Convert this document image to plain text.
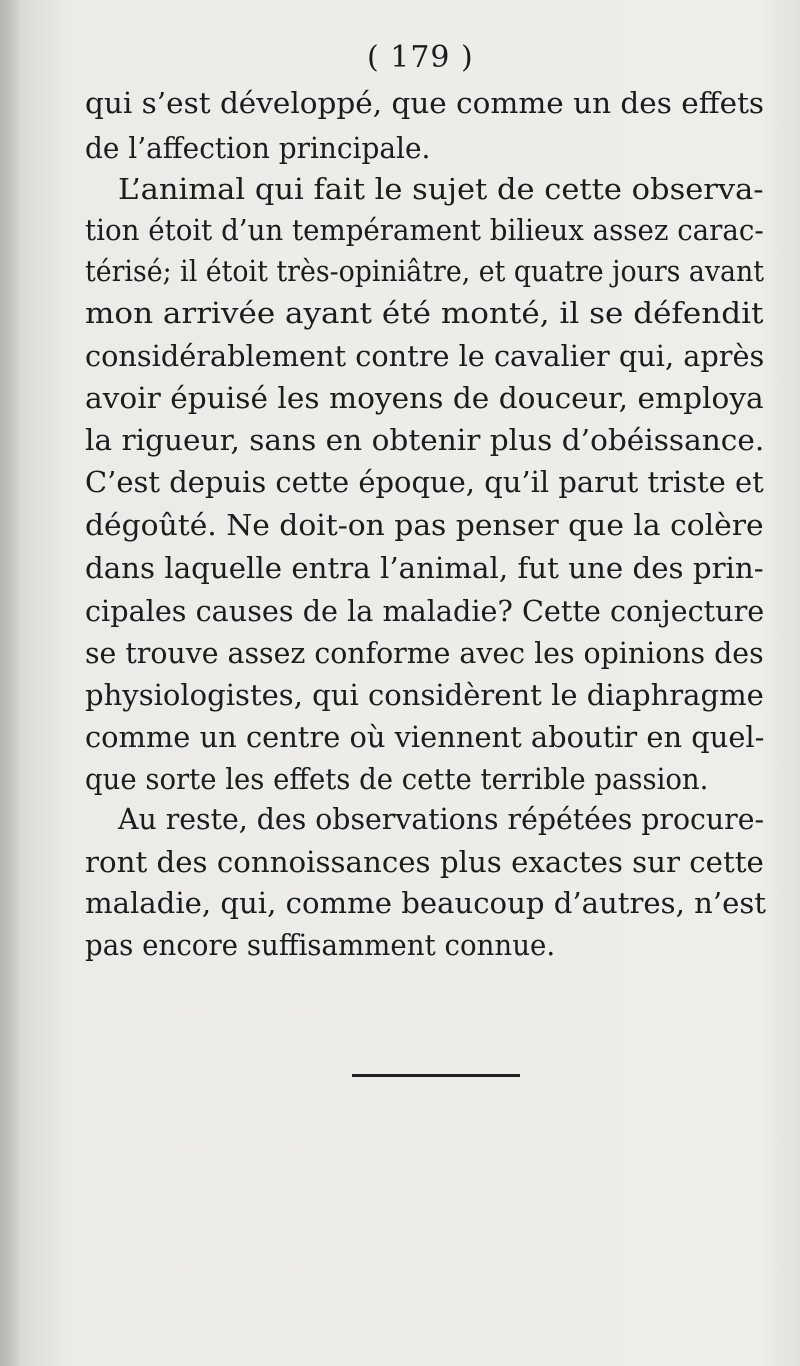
( 179 )
qui s’est développé, que comme un des effets
de l’affection principale.
L’animal qui fait le sujet de cette observa-
tion étoit d’un tempérament bilieux assez carac-
térisé; il étoit très-opiniâtre, et quatre jours avant
mon arrivée ayant été monté, il se défendit
considérablement contre le cavalier qui, après
avoir épuisé les moyens de douceur, employa
la rigueur, sans en obtenir plus d’obéissance.
C’est depuis cette époque, qu’il parut triste et
dégoûté. Ne doit-on pas penser que la colère
dans laquelle entra l’animal, fut une des prin-
cipales causes de la maladie? Cette conjecture
se trouve assez conforme avec les opinions des
physiologistes, qui considèrent le diaphragme
comme un centre où viennent aboutir en quel-
que sorte les effets de cette terrible passion.
Au reste, des observations répétées procure-
ront des connoissances plus exactes sur cette
maladie, qui, comme beaucoup d’autres, n’est
pas encore suffisamment connue.
